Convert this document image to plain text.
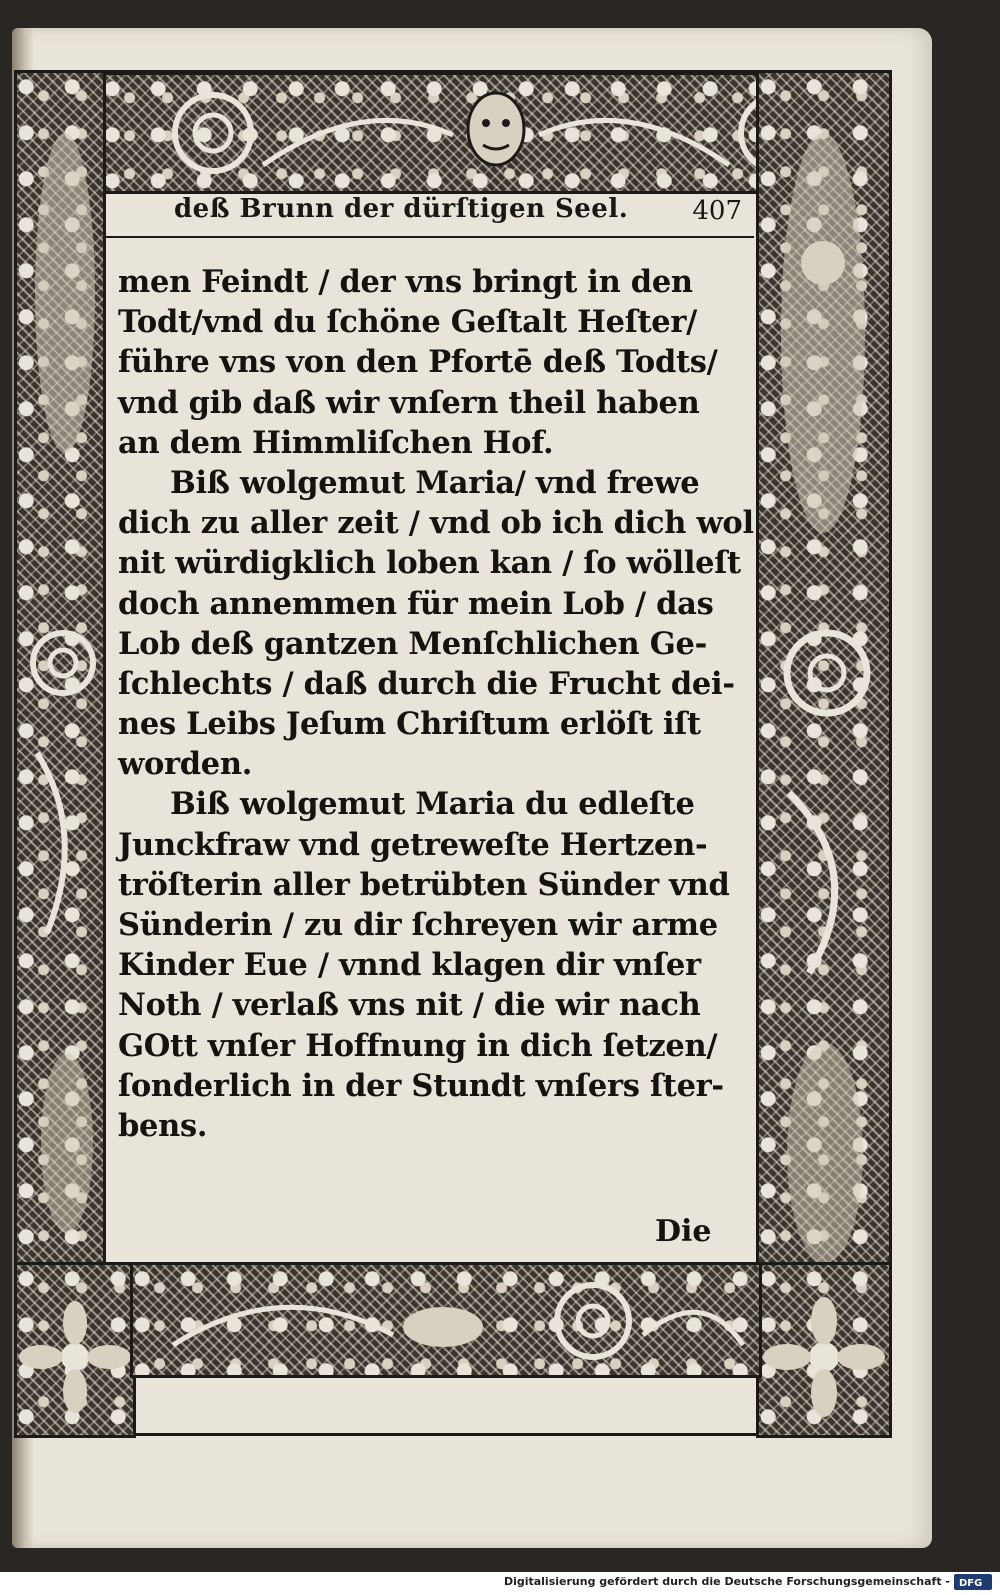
deß Brunn der dürſtigen Seel. 407
men Feindt / der vns bringt in den
Todt/vnd du ſchöne Geſtalt Heſter/
führe vns von den Pfortē deß Todts/
vnd gib daß wir vnſern theil haben
an dem Himmliſchen Hof.
Biß wolgemut Maria/ vnd frewe
dich zu aller zeit / vnd ob ich dich wol
nit würdigklich loben kan / ſo wölleſt
doch annemmen für mein Lob / das
Lob deß gantzen Menſchlichen Ge-
ſchlechts / daß durch die Frucht dei-
nes Leibs Jeſum Chriſtum erlöſt iſt
worden.
Biß wolgemut Maria du edleſte
Junckfraw vnd getreweſte Hertzen-
tröſterin aller betrübten Sünder vnd
Sünderin / zu dir ſchreyen wir arme
Kinder Eue / vnnd klagen dir vnſer
Noth / verlaß vns nit / die wir nach
GOtt vnſer Hoffnung in dich ſetzen/
ſonderlich in der Stundt vnſers ſter-
bens.
Die
Digitalisierung gefördert durch die Deutsche Forschungsgemeinschaft - DFG
